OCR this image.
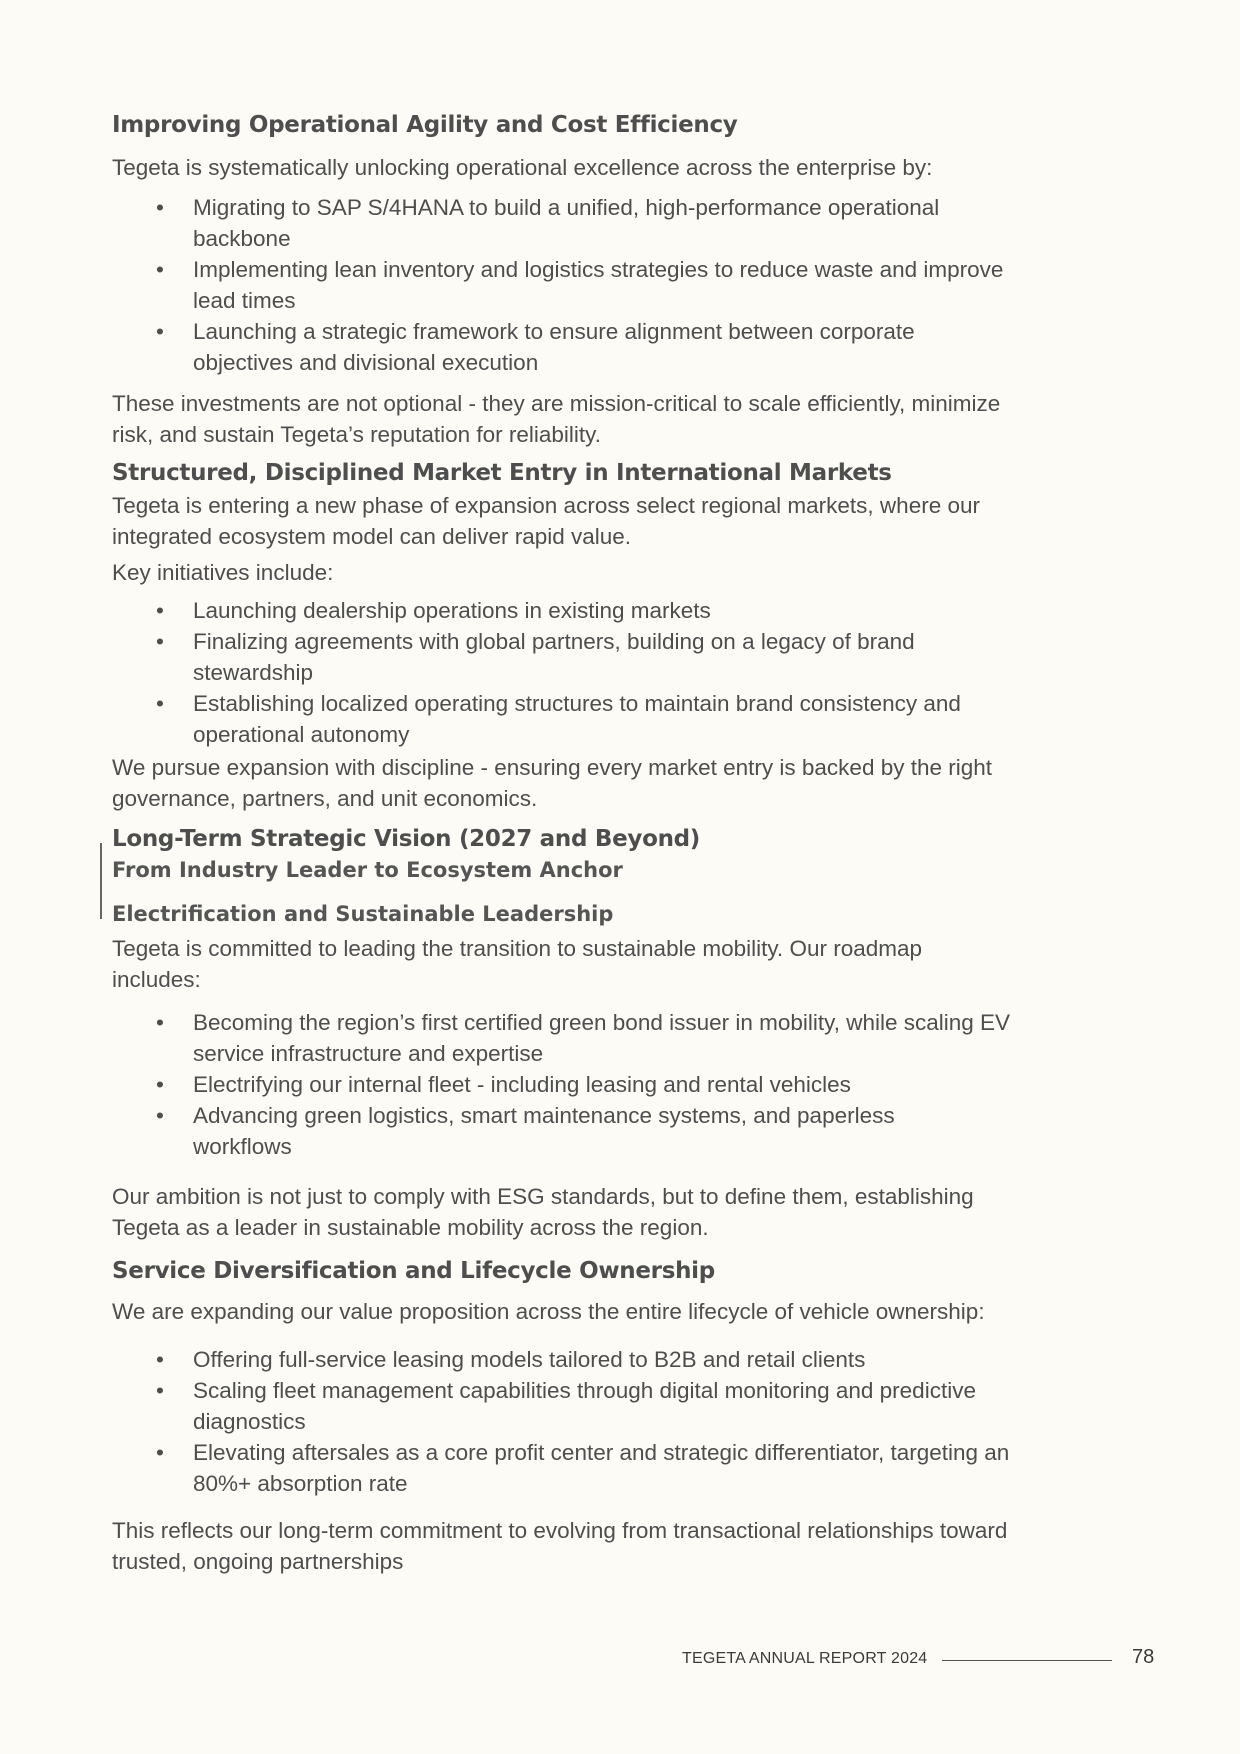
Improving Operational Agility and Cost Efficiency

Tegeta is systematically unlocking operational excellence across the enterprise by:

• Migrating to SAP S/4HANA to build a unified, high-performance operational
backbone
• Implementing lean inventory and logistics strategies to reduce waste and improve
lead times
• Launching a strategic framework to ensure alignment between corporate
objectives and divisional execution

These investments are not optional - they are mission-critical to scale efficiently, minimize
risk, and sustain Tegeta’s reputation for reliability.

Structured, Disciplined Market Entry in International Markets

Tegeta is entering a new phase of expansion across select regional markets, where our
integrated ecosystem model can deliver rapid value.

Key initiatives include:

• Launching dealership operations in existing markets
• Finalizing agreements with global partners, building on a legacy of brand
stewardship
• Establishing localized operating structures to maintain brand consistency and
operational autonomy

We pursue expansion with discipline - ensuring every market entry is backed by the right
governance, partners, and unit economics.

Long-Term Strategic Vision (2027 and Beyond)
From Industry Leader to Ecosystem Anchor
Electrification and Sustainable Leadership

Tegeta is committed to leading the transition to sustainable mobility. Our roadmap
includes:

• Becoming the region’s first certified green bond issuer in mobility, while scaling EV
service infrastructure and expertise
• Electrifying our internal fleet - including leasing and rental vehicles
• Advancing green logistics, smart maintenance systems, and paperless
workflows

Our ambition is not just to comply with ESG standards, but to define them, establishing
Tegeta as a leader in sustainable mobility across the region.

Service Diversification and Lifecycle Ownership

We are expanding our value proposition across the entire lifecycle of vehicle ownership:

• Offering full-service leasing models tailored to B2B and retail clients
• Scaling fleet management capabilities through digital monitoring and predictive
diagnostics
• Elevating aftersales as a core profit center and strategic differentiator, targeting an
80%+ absorption rate

This reflects our long-term commitment to evolving from transactional relationships toward
trusted, ongoing partnerships

TEGETA ANNUAL REPORT 2024	78
